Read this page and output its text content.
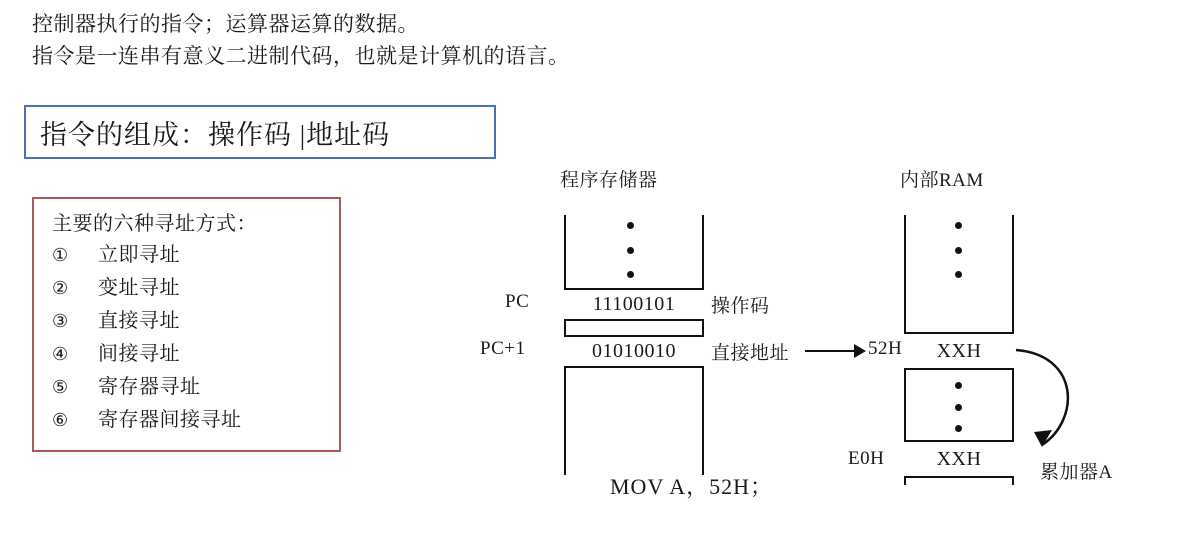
控制器执行的指令；运算器运算的数据。
指令是一连串有意义二进制代码，也就是计算机的语言。
指令的组成：操作码 |地址码
主要的六种寻址方式：
①	立即寻址
②	变址寻址
③	直接寻址
④	间接寻址
⑤	寄存器寻址
⑥	寄存器间接寻址
程序存储器	内部RAM
11100101
01010010
PC
PC+1
操作码
直接地址	52H	XXH
XXH
E0H
累加器A
MOV A，52H；
